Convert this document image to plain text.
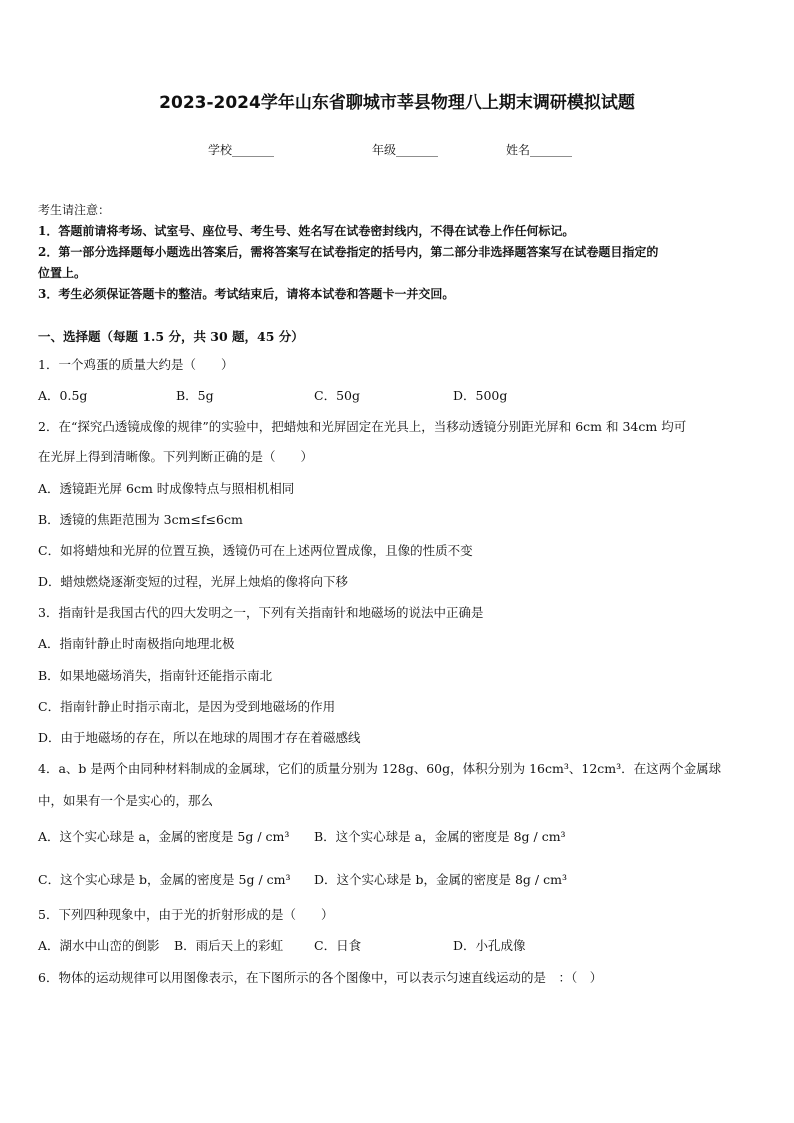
2023-2024学年山东省聊城市莘县物理八上期末调研模拟试题
学校_______	年级_______	姓名_______
考生请注意：
1．答题前请将考场、试室号、座位号、考生号、姓名写在试卷密封线内，不得在试卷上作任何标记。
2．第一部分选择题每小题选出答案后，需将答案写在试卷指定的括号内，第二部分非选择题答案写在试卷题目指定的
位置上。
3．考生必须保证答题卡的整洁。考试结束后，请将本试卷和答题卡一并交回。
一、选择题（每题 1.5 分，共 30 题，45 分）
1．一个鸡蛋的质量大约是（　　）
A．0.5g	B．5g	C．50g	D．500g
2．在“探究凸透镜成像的规律”的实验中，把蜡烛和光屏固定在光具上，当移动透镜分别距光屏和 6cm 和 34cm 均可
在光屏上得到清晰像。下列判断正确的是（　　）
A．透镜距光屏 6cm 时成像特点与照相机相同
B．透镜的焦距范围为 3cm≤f≤6cm
C．如将蜡烛和光屏的位置互换，透镜仍可在上述两位置成像，且像的性质不变
D．蜡烛燃烧逐渐变短的过程，光屏上烛焰的像将向下移
3．指南针是我国古代的四大发明之一，下列有关指南针和地磁场的说法中正确是
A．指南针静止时南极指向地理北极
B．如果地磁场消失，指南针还能指示南北
C．指南针静止时指示南北，是因为受到地磁场的作用
D．由于地磁场的存在，所以在地球的周围才存在着磁感线
4．a、b 是两个由同种材料制成的金属球，它们的质量分别为 128g、60g，体积分别为 16cm³、12cm³．在这两个金属球
中，如果有一个是实心的，那么
A．这个实心球是 a，金属的密度是 5g / cm³ B．这个实心球是 a，金属的密度是 8g / cm³
C．这个实心球是 b，金属的密度是 5g / cm³ D．这个实心球是 b，金属的密度是 8g / cm³
5．下列四种现象中，由于光的折射形成的是（　　）
A．湖水中山峦的倒影 B．雨后天上的彩虹 C．日食	D．小孔成像
6．物体的运动规律可以用图像表示，在下图所示的各个图像中，可以表示匀速直线运动的是　：（　）
